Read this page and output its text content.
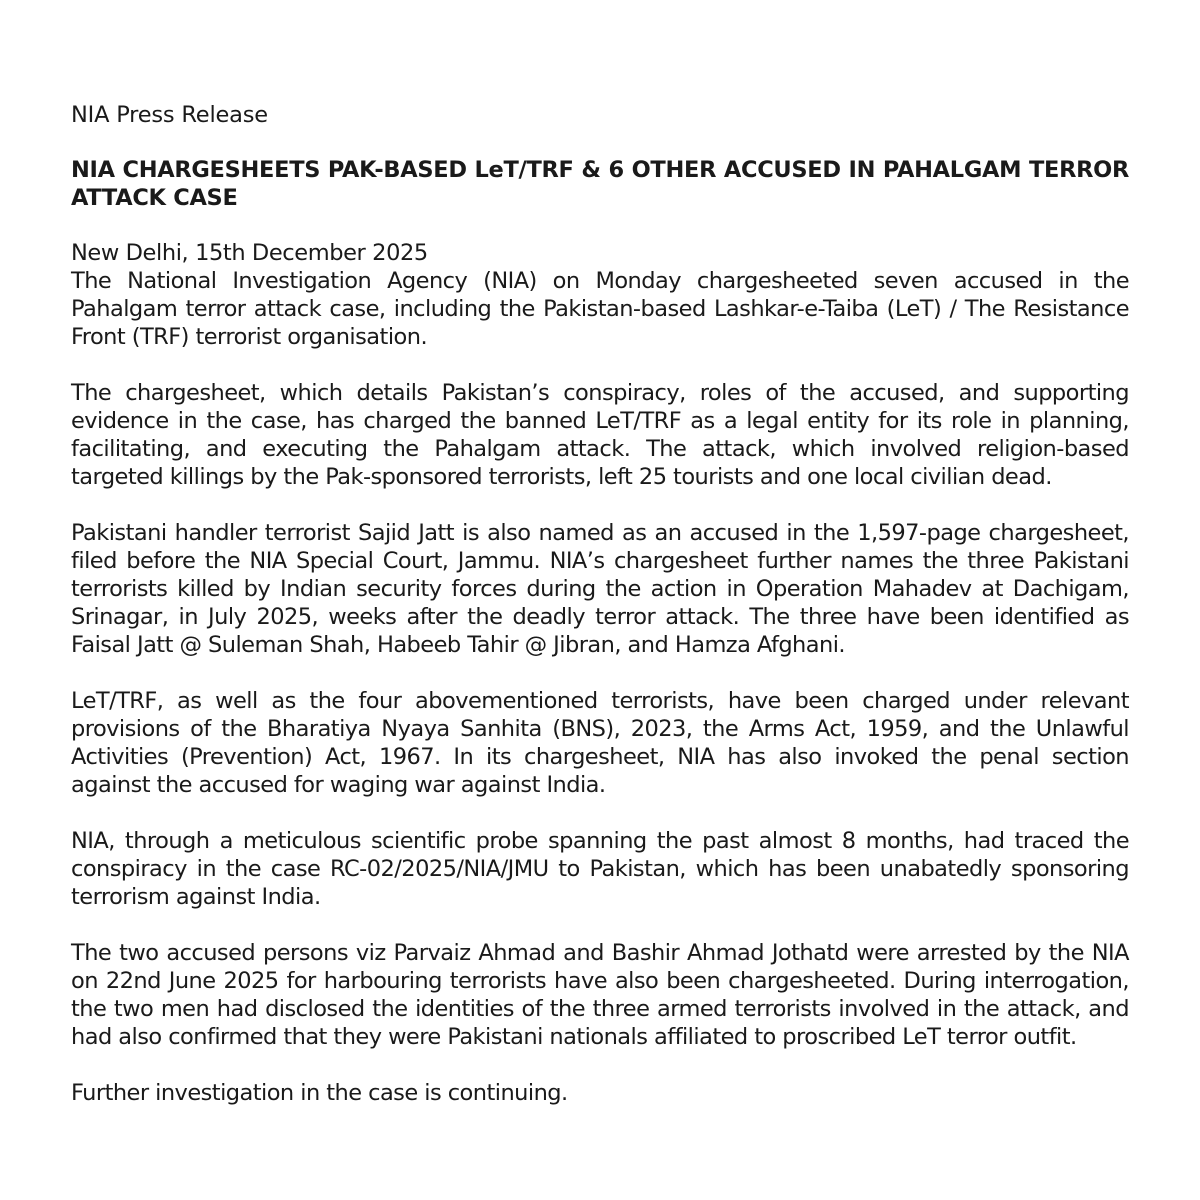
NIA Press Release

NIA CHARGESHEETS PAK-BASED LeT/TRF & 6 OTHER ACCUSED IN PAHALGAM TERROR ATTACK CASE

New Delhi, 15th December 2025

The National Investigation Agency (NIA) on Monday chargesheeted seven accused in the Pahalgam terror attack case, including the Pakistan-based Lashkar-e-Taiba (LeT) / The Resistance Front (TRF) terrorist organisation.

The chargesheet, which details Pakistan’s conspiracy, roles of the accused, and supporting evidence in the case, has charged the banned LeT/TRF as a legal entity for its role in planning, facilitating, and executing the Pahalgam attack. The attack, which involved religion-based targeted killings by the Pak-sponsored terrorists, left 25 tourists and one local civilian dead.

Pakistani handler terrorist Sajid Jatt is also named as an accused in the 1,597-page chargesheet, filed before the NIA Special Court, Jammu. NIA’s chargesheet further names the three Pakistani terrorists killed by Indian security forces during the action in Operation Mahadev at Dachigam, Srinagar, in July 2025, weeks after the deadly terror attack. The three have been identified as Faisal Jatt @ Suleman Shah, Habeeb Tahir @ Jibran, and Hamza Afghani.

LeT/TRF, as well as the four abovementioned terrorists, have been charged under relevant provisions of the Bharatiya Nyaya Sanhita (BNS), 2023, the Arms Act, 1959, and the Unlawful Activities (Prevention) Act, 1967. In its chargesheet, NIA has also invoked the penal section against the accused for waging war against India.

NIA, through a meticulous scientific probe spanning the past almost 8 months, had traced the conspiracy in the case RC-02/2025/NIA/JMU to Pakistan, which has been unabatedly sponsoring terrorism against India.

The two accused persons viz Parvaiz Ahmad and Bashir Ahmad Jothatd were arrested by the NIA on 22nd June 2025 for harbouring terrorists have also been chargesheeted. During interrogation, the two men had disclosed the identities of the three armed terrorists involved in the attack, and had also confirmed that they were Pakistani nationals affiliated to proscribed LeT terror outfit.

Further investigation in the case is continuing.
